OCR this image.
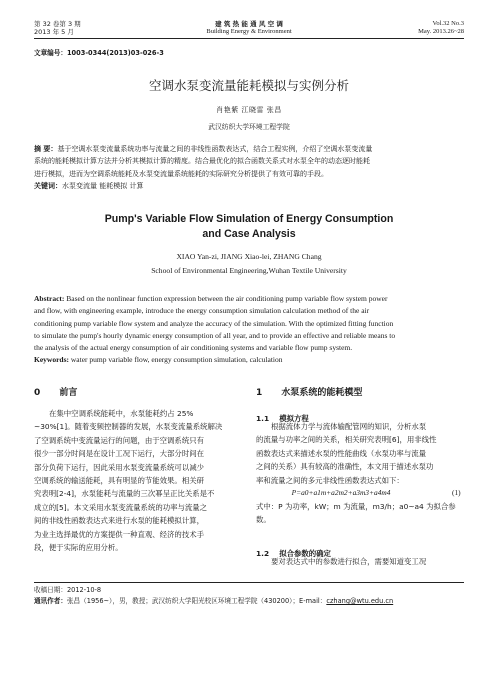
第 32 卷第 3 期
2013 年 5 月
建 筑 热 能 通 风 空 调
Building Energy & Environment
Vol.32 No.3
May. 2013.26~28
文章编号：1003-0344(2013)03-026-3
空调水泵变流量能耗模拟与实例分析
肖艳紫 江晓雷 张昌
武汉纺织大学环境工程学院
摘 要：基于空调水泵变流量系统功率与流量之间的非线性函数表达式，结合工程实例，介绍了空调水泵变流量
系统的能耗模拟计算方法并分析其模拟计算的精度。结合最优化的拟合函数关系式对水泵全年的动态逐时能耗
进行模拟，进而为空调系统能耗及水泵变流量系统能耗的实际研究分析提供了有效可靠的手段。
关键词：水泵变流量 能耗模拟 计算
Pump's Variable Flow Simulation of Energy Consumption
and Case Analysis
XIAO Yan-zi, JIANG Xiao-lei, ZHANG Chang
School of Environmental Engineering,Wuhan Textile University
Abstract: Based on the nonlinear function expression between the air conditioning pump variable flow system power
and flow, with engineering example, introduce the energy consumption simulation calculation method of the air
conditioning pump variable flow system and analyze the accuracy of the simulation. With the optimized fitting function
to simulate the pump's hourly dynamic energy consumption of all year, and to provide an effective and reliable means to
the analysis of the actual energy consumption of air conditioning systems and variable flow pump system.
Keywords: water pump variable flow, energy consumption simulation, calculation
0 前言
在集中空调系统能耗中，水泵能耗约占 25%
~30%[1]。随着变频控制器的发展，水泵变流量系统解决
了空调系统中变流量运行的问题，由于空调系统只有
很少一部分时间是在设计工况下运行，大部分时间在
部分负荷下运行，因此采用水泵变流量系统可以减少
空调系统的输送能耗，具有明显的节能效果。相关研
究表明[2-4]，水泵能耗与流量的三次幂呈正比关系是不
成立的[5]。本文采用水泵变流量系统的功率与流量之
间的非线性函数表达式来进行水泵的能耗模拟计算，
为业主选择最优的方案提供一种直观、经济的技术手
段，便于实际的应用分析。
1 水泵系统的能耗模型
1.1 模拟方程
根据流体力学与流体输配管网的知识，分析水泵
的流量与功率之间的关系，相关研究表明[6]，用非线性
函数表达式来描述水泵的性能曲线（水泵功率与流量
之间的关系）具有较高的准确性，本文用于描述水泵功
率和流量之间的多元非线性函数表达式如下：
P=a0+a1m+a2m2+a3m3+a4m4	(1)
式中：P 为功率，kW；m 为流量，m3/h；a0~a4 为拟合参
数。
1.2 拟合参数的确定
要对表达式中的参数进行拟合，需要知道变工况
收稿日期：2012-10-8
通讯作者：张昌（1956~），男，教授；武汉纺织大学阳光校区环境工程学院（430200）；E-mail：czhang@wtu.edu.cn
